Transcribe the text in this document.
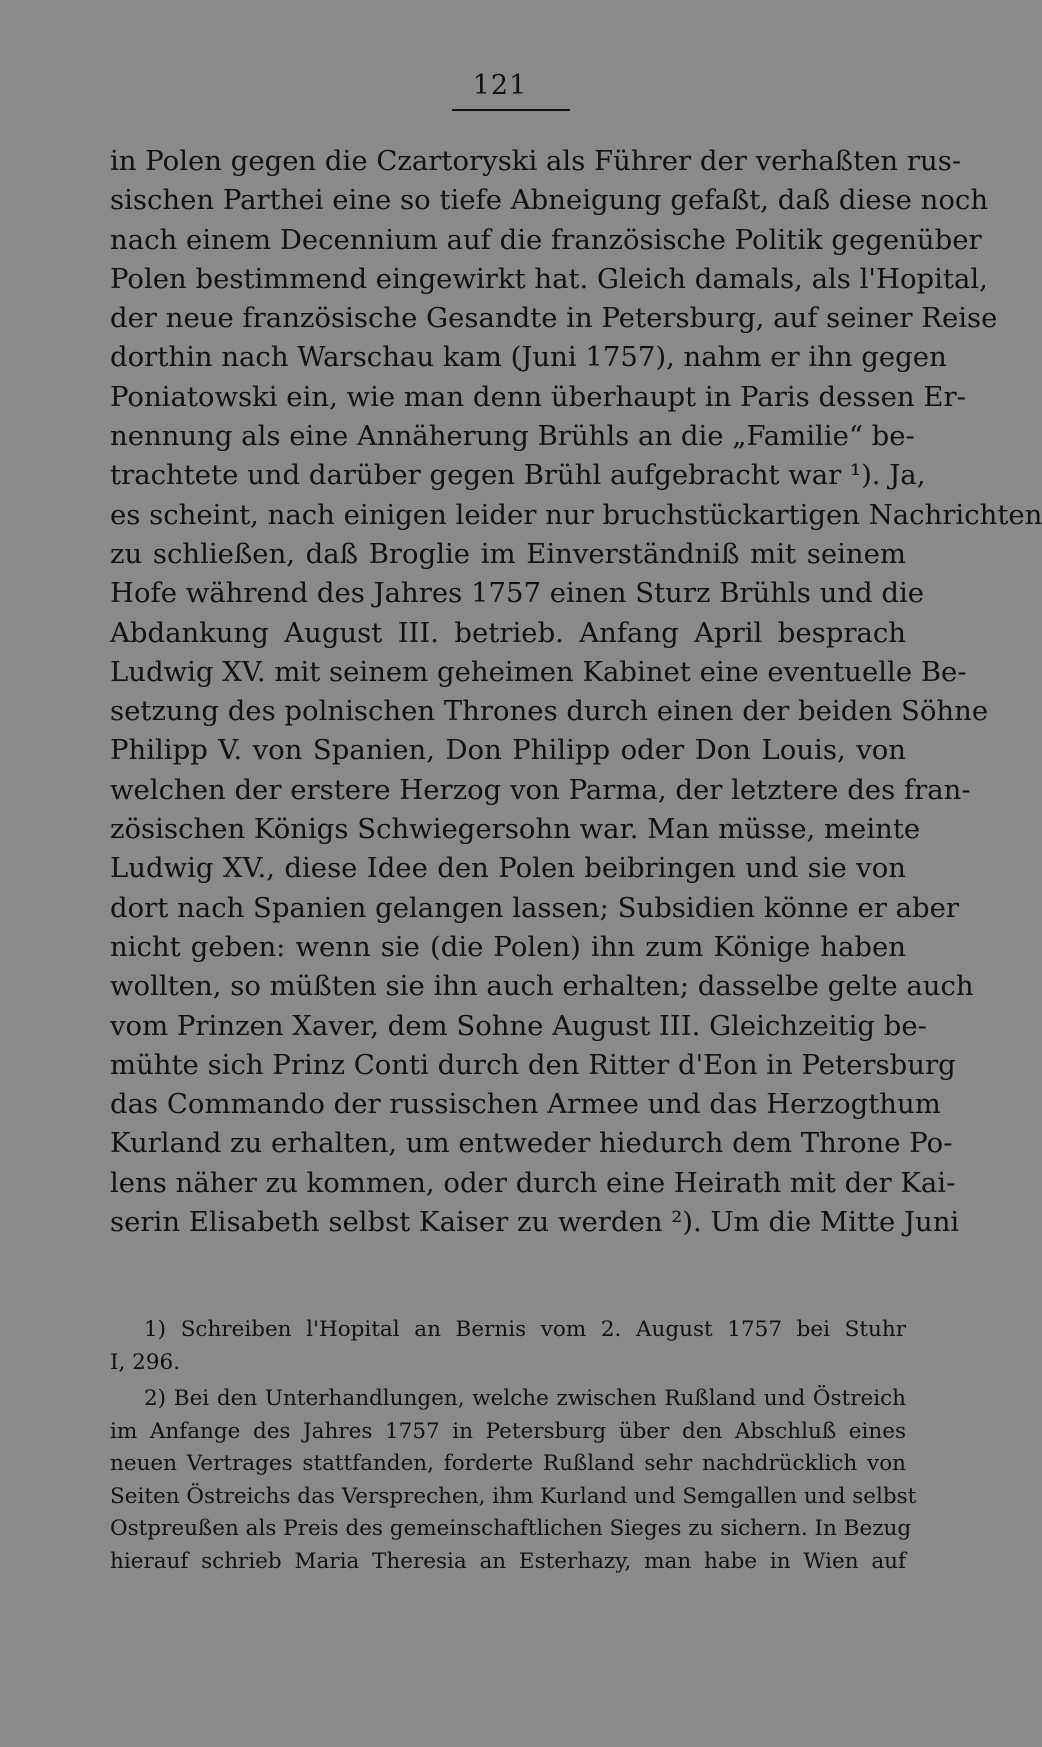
121
in Polen gegen die Czartoryski als Führer der verhaßten rus-
sischen Parthei eine so tiefe Abneigung gefaßt, daß diese noch
nach einem Decennium auf die französische Politik gegenüber
Polen bestimmend eingewirkt hat. Gleich damals, als l'Hopital,
der neue französische Gesandte in Petersburg, auf seiner Reise
dorthin nach Warschau kam (Juni 1757), nahm er ihn gegen
Poniatowski ein, wie man denn überhaupt in Paris dessen Er-
nennung als eine Annäherung Brühls an die „Familie“ be-
trachtete und darüber gegen Brühl aufgebracht war ¹). Ja,
es scheint, nach einigen leider nur bruchstückartigen Nachrichten
zu schließen, daß Broglie im Einverständniß mit seinem
Hofe während des Jahres 1757 einen Sturz Brühls und die
Abdankung August III. betrieb. Anfang April besprach
Ludwig XV. mit seinem geheimen Kabinet eine eventuelle Be-
setzung des polnischen Thrones durch einen der beiden Söhne
Philipp V. von Spanien, Don Philipp oder Don Louis, von
welchen der erstere Herzog von Parma, der letztere des fran-
zösischen Königs Schwiegersohn war. Man müsse, meinte
Ludwig XV., diese Idee den Polen beibringen und sie von
dort nach Spanien gelangen lassen; Subsidien könne er aber
nicht geben: wenn sie (die Polen) ihn zum Könige haben
wollten, so müßten sie ihn auch erhalten; dasselbe gelte auch
vom Prinzen Xaver, dem Sohne August III. Gleichzeitig be-
mühte sich Prinz Conti durch den Ritter d'Eon in Petersburg
das Commando der russischen Armee und das Herzogthum
Kurland zu erhalten, um entweder hiedurch dem Throne Po-
lens näher zu kommen, oder durch eine Heirath mit der Kai-
serin Elisabeth selbst Kaiser zu werden ²). Um die Mitte Juni
1) Schreiben l'Hopital an Bernis vom 2. August 1757 bei Stuhr
I, 296.
2) Bei den Unterhandlungen, welche zwischen Rußland und Östreich
im Anfange des Jahres 1757 in Petersburg über den Abschluß eines
neuen Vertrages stattfanden, forderte Rußland sehr nachdrücklich von
Seiten Östreichs das Versprechen, ihm Kurland und Semgallen und selbst
Ostpreußen als Preis des gemeinschaftlichen Sieges zu sichern. In Bezug
hierauf schrieb Maria Theresia an Esterhazy, man habe in Wien auf
